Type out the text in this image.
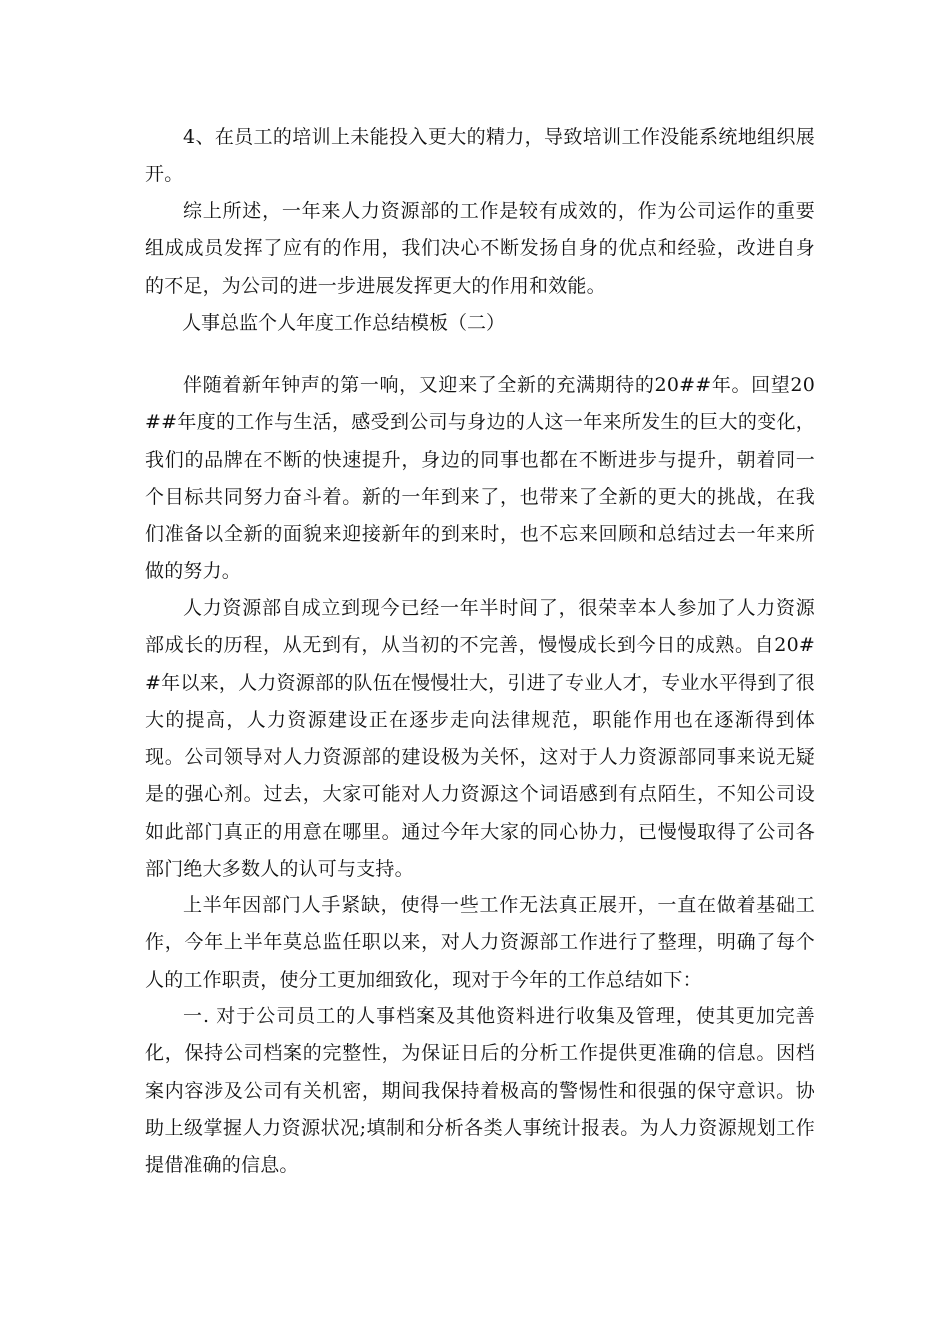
4、在员工的培训上未能投入更大的精力，导致培训工作没能系统地组织展开。

综上所述，一年来人力资源部的工作是较有成效的，作为公司运作的重要组成成员发挥了应有的作用，我们决心不断发扬自身的优点和经验，改进自身的不足，为公司的进一步进展发挥更大的作用和效能。

人事总监个人年度工作总结模板（二）

伴随着新年钟声的第一响，又迎来了全新的充满期待的20##年。回望20##年度的工作与生活，感受到公司与身边的人这一年来所发生的巨大的变化，我们的品牌在不断的快速提升，身边的同事也都在不断进步与提升，朝着同一个目标共同努力奋斗着。新的一年到来了，也带来了全新的更大的挑战，在我们准备以全新的面貌来迎接新年的到来时，也不忘来回顾和总结过去一年来所做的努力。

人力资源部自成立到现今已经一年半时间了，很荣幸本人参加了人力资源部成长的历程，从无到有，从当初的不完善，慢慢成长到今日的成熟。自20##年以来，人力资源部的队伍在慢慢壮大，引进了专业人才，专业水平得到了很大的提高，人力资源建设正在逐步走向法律规范，职能作用也在逐渐得到体现。公司领导对人力资源部的建设极为关怀，这对于人力资源部同事来说无疑是的强心剂。过去，大家可能对人力资源这个词语感到有点陌生，不知公司设如此部门真正的用意在哪里。通过今年大家的同心协力，已慢慢取得了公司各部门绝大多数人的认可与支持。

上半年因部门人手紧缺，使得一些工作无法真正展开，一直在做着基础工作，今年上半年莫总监任职以来，对人力资源部工作进行了整理，明确了每个人的工作职责，使分工更加细致化，现对于今年的工作总结如下：

一. 对于公司员工的人事档案及其他资料进行收集及管理，使其更加完善化，保持公司档案的完整性，为保证日后的分析工作提供更准确的信息。因档案内容涉及公司有关机密，期间我保持着极高的警惕性和很强的保守意识。协助上级掌握人力资源状况;填制和分析各类人事统计报表。为人力资源规划工作提借准确的信息。
